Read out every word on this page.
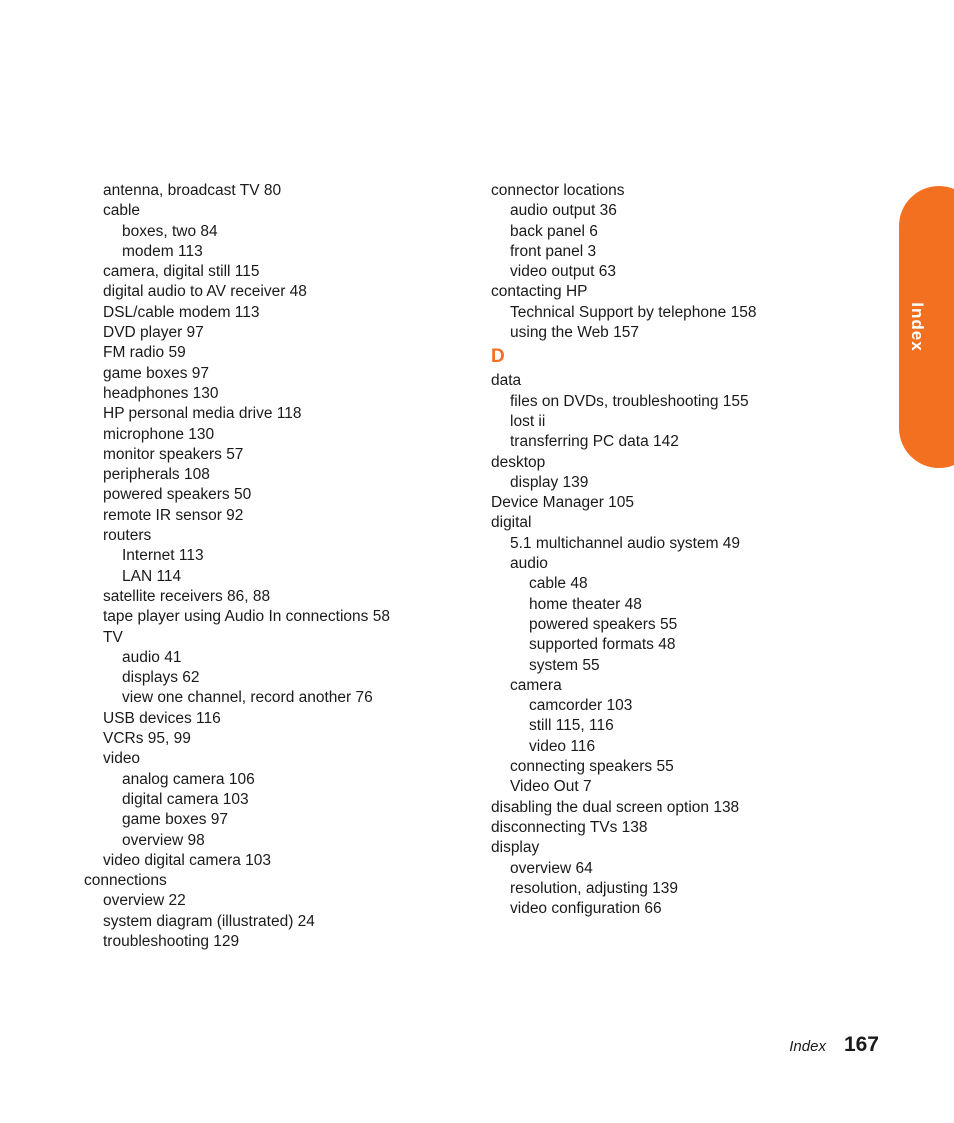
antenna, broadcast TV 80
cable
boxes, two 84
modem 113
camera, digital still 115
digital audio to AV receiver 48
DSL/cable modem 113
DVD player 97
FM radio 59
game boxes 97
headphones 130
HP personal media drive 118
microphone 130
monitor speakers 57
peripherals 108
powered speakers 50
remote IR sensor 92
routers
Internet 113
LAN 114
satellite receivers 86, 88
tape player using Audio In connections 58
TV
audio 41
displays 62
view one channel, record another 76
USB devices 116
VCRs 95, 99
video
analog camera 106
digital camera 103
game boxes 97
overview 98
video digital camera 103
connections
overview 22
system diagram (illustrated) 24
troubleshooting 129
connector locations
audio output 36
back panel 6
front panel 3
video output 63
contacting HP
Technical Support by telephone 158
using the Web 157
D
data
files on DVDs, troubleshooting 155
lost ii
transferring PC data 142
desktop
display 139
Device Manager 105
digital
5.1 multichannel audio system 49
audio
cable 48
home theater 48
powered speakers 55
supported formats 48
system 55
camera
camcorder 103
still 115, 116
video 116
connecting speakers 55
Video Out 7
disabling the dual screen option 138
disconnecting TVs 138
display
overview 64
resolution, adjusting 139
video configuration 66
Index
Index 167
